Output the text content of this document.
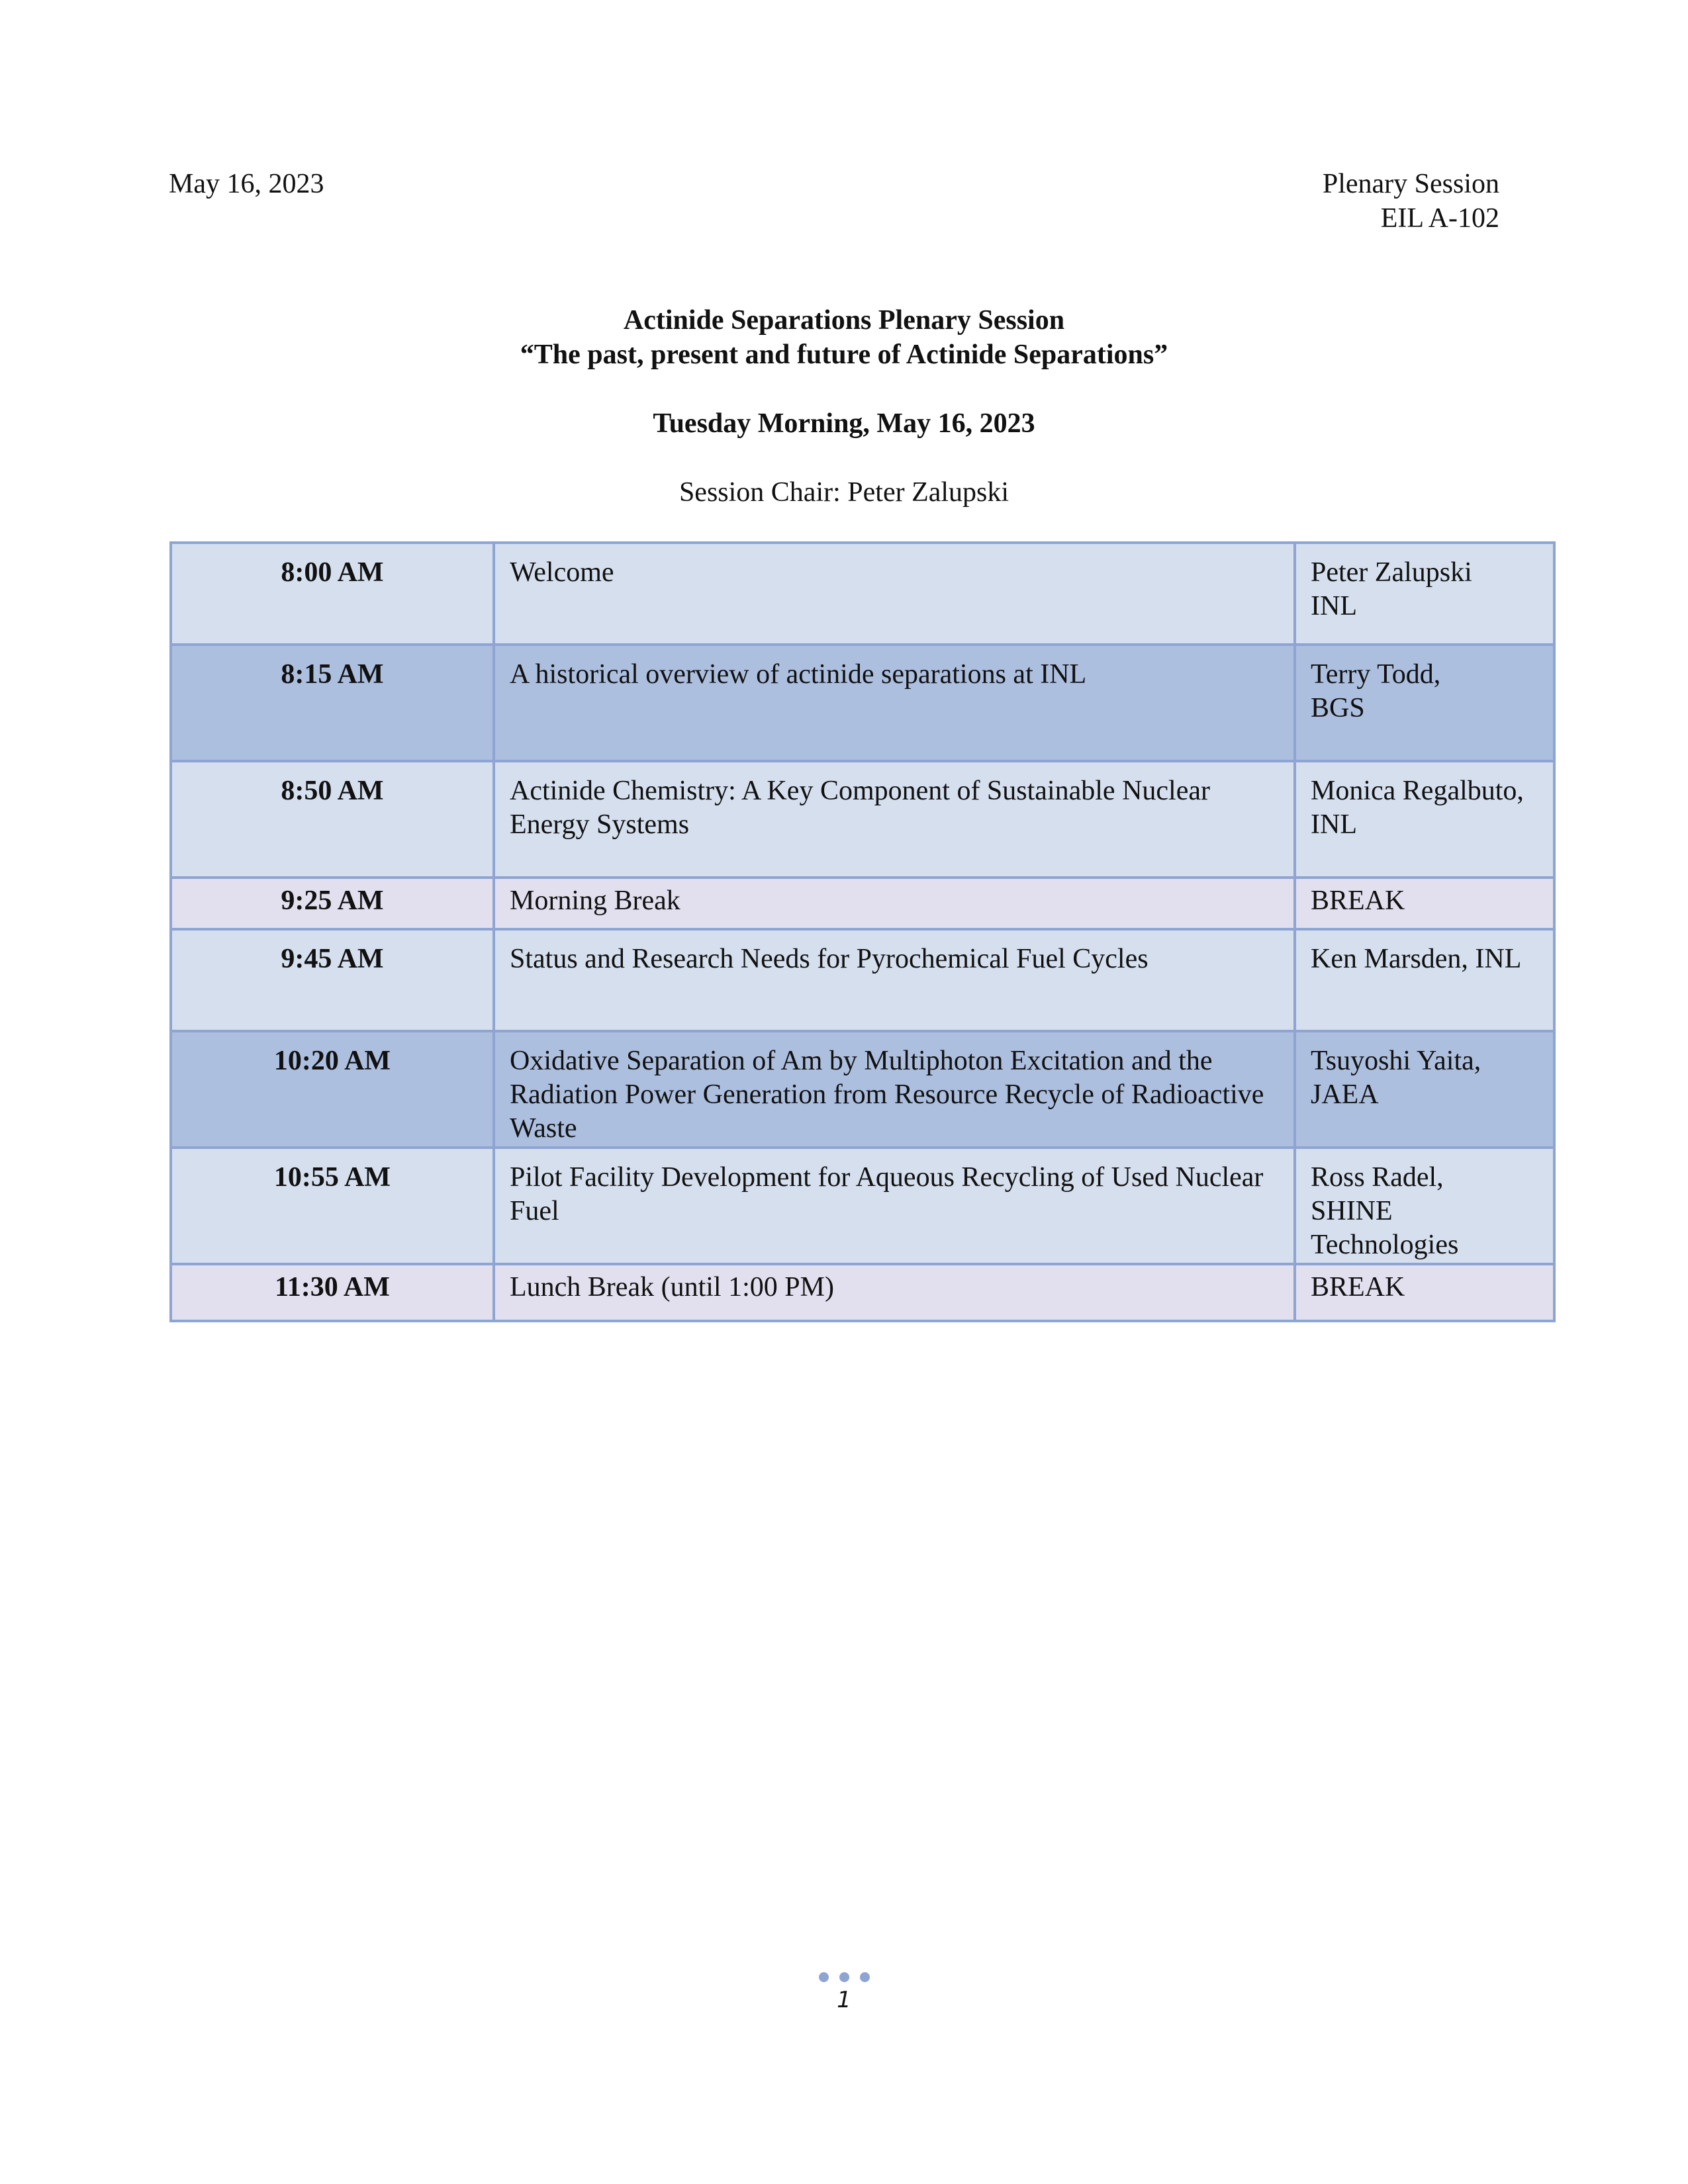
May 16, 2023	Plenary Session
EIL A-102
Actinide Separations Plenary Session
“The past, present and future of Actinide Separations”
Tuesday Morning, May 16, 2023
Session Chair: Peter Zalupski
8:00 AM	Welcome	Peter Zalupski
INL

8:15 AM	A historical overview of actinide separations at INL	Terry Todd,
BGS

8:50 AM	Actinide Chemistry: A Key Component of Sustainable Nuclear Energy Systems	Monica Regalbuto,
INL

9:25 AM	Morning Break	BREAK

9:45 AM	Status and Research Needs for Pyrochemical Fuel Cycles	Ken Marsden, INL

10:20 AM	Oxidative Separation of Am by Multiphoton Excitation and the Radiation Power Generation from Resource Recycle of Radioactive Waste	Tsuyoshi Yaita,
JAEA

10:55 AM	Pilot Facility Development for Aqueous Recycling of Used Nuclear Fuel	Ross Radel,
SHINE
Technologies

11:30 AM	Lunch Break (until 1:00 PM)	BREAK
1
